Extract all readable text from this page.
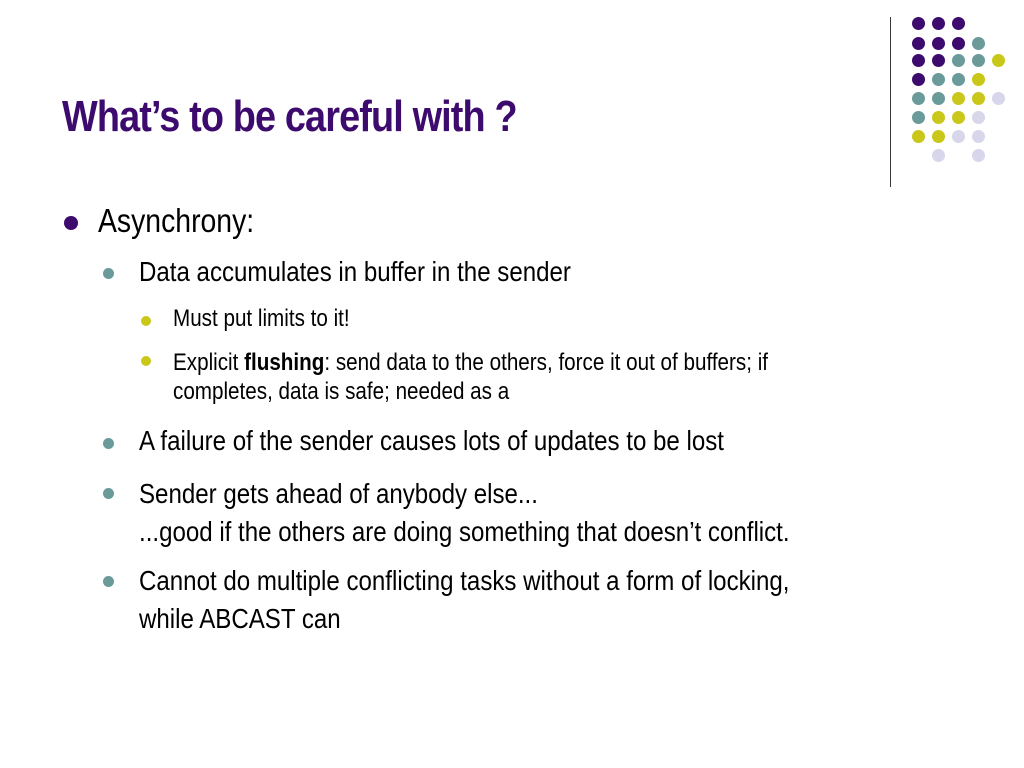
What’s to be careful with ?
Asynchrony:
Data accumulates in buffer in the sender
Must put limits to it!
Explicit flushing: send data to the others, force it out of buffers; if
completes, data is safe; needed as a
A failure of the sender causes lots of updates to be lost
Sender gets ahead of anybody else...
...good if the others are doing something that doesn’t conflict.
Cannot do multiple conflicting tasks without a form of locking,
while ABCAST can
